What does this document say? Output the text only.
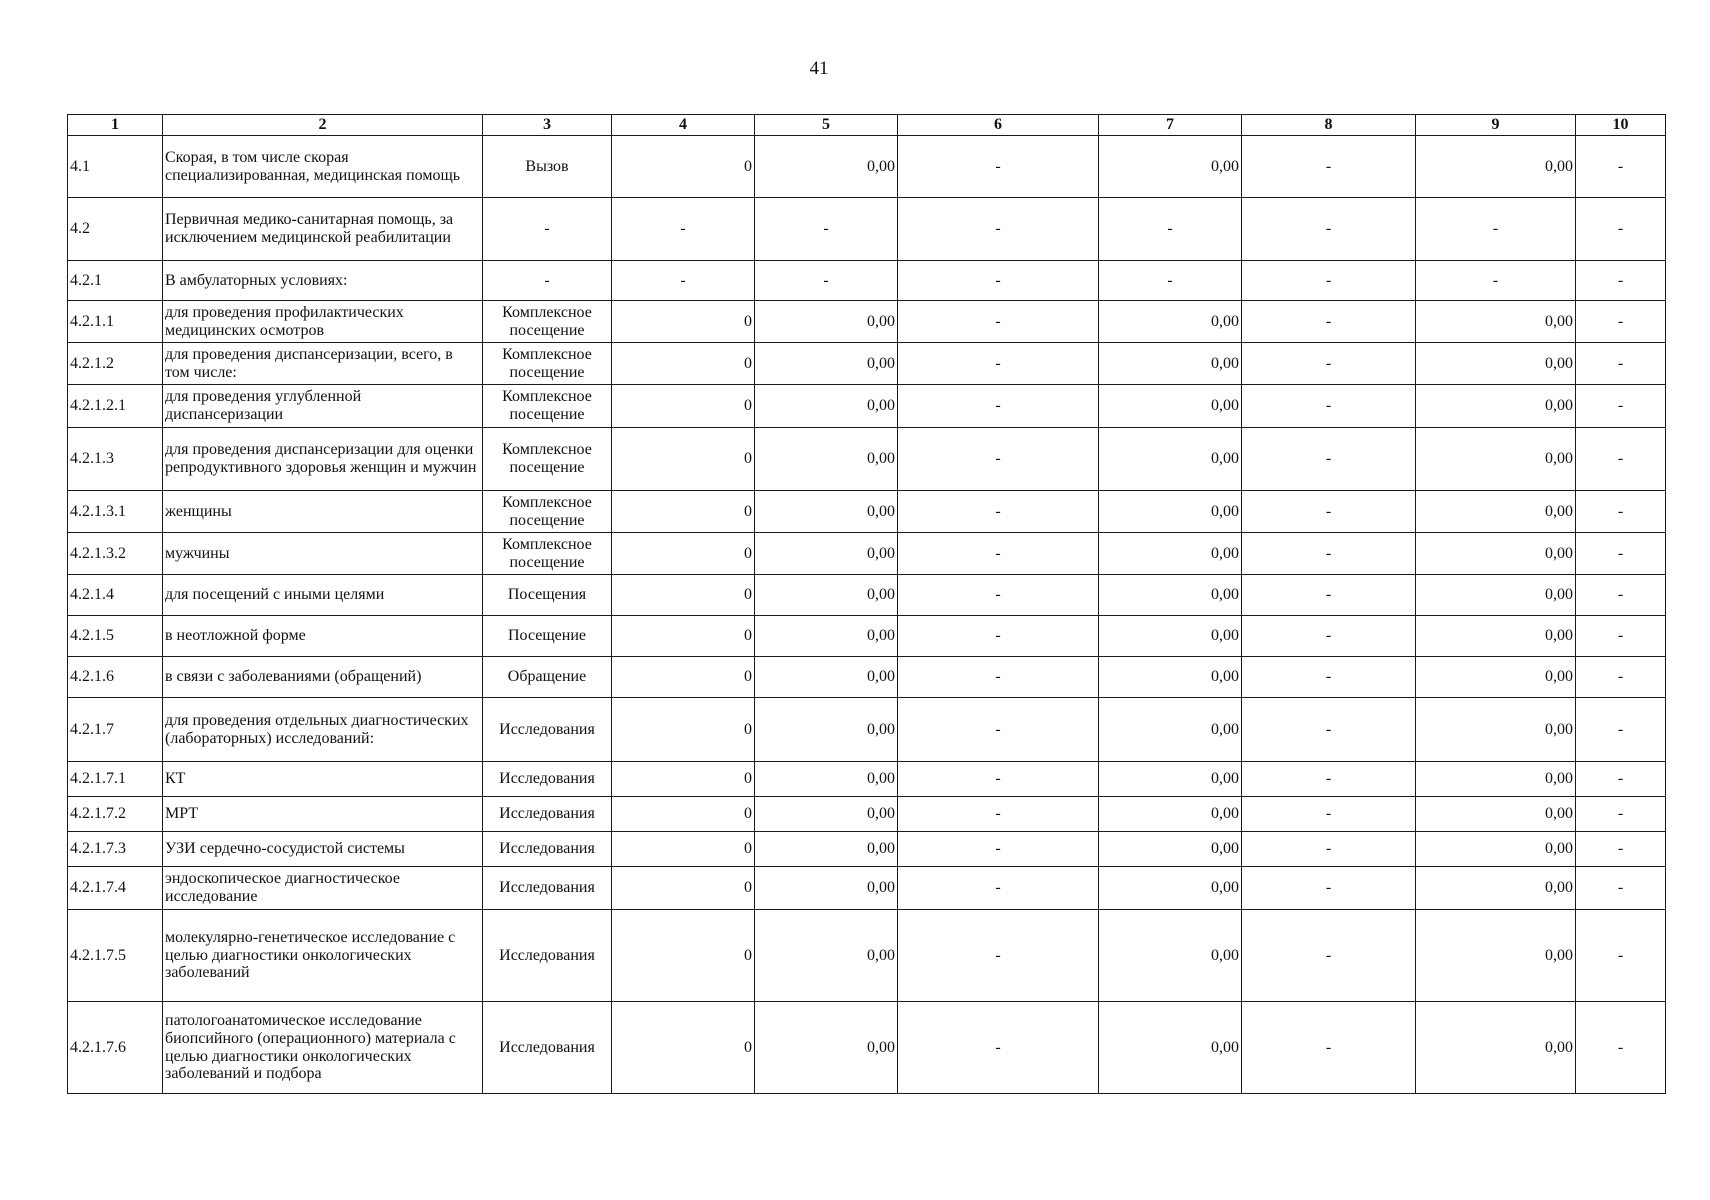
41
1	2	3	4	5	6	7	8	9	10
4.1	Скорая, в том числе скорая специализированная, медицинская помощь	Вызов	0	0,00	-	0,00	-	0,00	-
4.2	Первичная медико-санитарная помощь, за исключением медицинской реабилитации	-	-	-	-	-	-	-	-
4.2.1	В амбулаторных условиях:	-	-	-	-	-	-	-	-
4.2.1.1	для проведения профилактических медицинских осмотров	Комплексное посещение	0	0,00	-	0,00	-	0,00	-
4.2.1.2	для проведения диспансеризации, всего, в том числе:	Комплексное посещение	0	0,00	-	0,00	-	0,00	-
4.2.1.2.1	для проведения углубленной диспансеризации	Комплексное посещение	0	0,00	-	0,00	-	0,00	-
4.2.1.3	для проведения диспансеризации для оценки репродуктивного здоровья женщин и мужчин	Комплексное посещение	0	0,00	-	0,00	-	0,00	-
4.2.1.3.1	женщины	Комплексное посещение	0	0,00	-	0,00	-	0,00	-
4.2.1.3.2	мужчины	Комплексное посещение	0	0,00	-	0,00	-	0,00	-
4.2.1.4	для посещений с иными целями	Посещения	0	0,00	-	0,00	-	0,00	-
4.2.1.5	в неотложной форме	Посещение	0	0,00	-	0,00	-	0,00	-
4.2.1.6	в связи с заболеваниями (обращений)	Обращение	0	0,00	-	0,00	-	0,00	-
4.2.1.7	для проведения отдельных диагностических (лабораторных) исследований:	Исследования	0	0,00	-	0,00	-	0,00	-
4.2.1.7.1	КТ	Исследования	0	0,00	-	0,00	-	0,00	-
4.2.1.7.2	МРТ	Исследования	0	0,00	-	0,00	-	0,00	-
4.2.1.7.3	УЗИ сердечно-сосудистой системы	Исследования	0	0,00	-	0,00	-	0,00	-
4.2.1.7.4	эндоскопическое диагностическое исследование	Исследования	0	0,00	-	0,00	-	0,00	-
4.2.1.7.5	молекулярно-генетическое исследование с целью диагностики онкологических заболеваний	Исследования	0	0,00	-	0,00	-	0,00	-
4.2.1.7.6	патологоанатомическое исследование биопсийного (операционного) материала с целью диагностики онкологических заболеваний и подбора	Исследования	0	0,00	-	0,00	-	0,00	-
